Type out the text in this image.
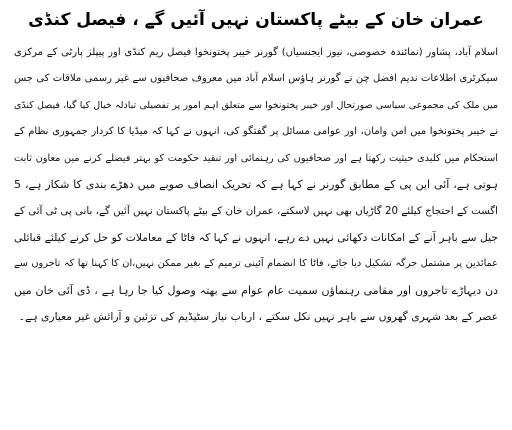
عمران خان کے بیٹے پاکستان نہیں آئیں گے ، فیصل کنڈی
اسلام آباد، پشاور (نمائندہ خصوصی، نیوز ایجنسیاں) گورنر خیبر پختونخوا فیصل ریم کنڈی اور پیپلز پارٹی کے مرکزی
سیکرٹری اطلاعات ندیم افضل چن نے گورنر ہاؤس اسلام آباد میں معروف صحافیوں سے غیر رسمی ملاقات کی جس
میں ملک کی مجموعی سیاسی صورتحال اور خیبر پختونخوا سے متعلق اہم امور پر تفصیلی تبادلہ خیال کیا گیا، فیصل کنڈی
نے خیبر پختونخوا میں امن وامان، اور عوامی مسائل پر گفتگو کی، انہوں نے کہا کہ میڈیا کا کردار جمہوری نظام کے
استحکام میں کلیدی حیثیت رکھتا ہے اور صحافیوں کی رہنمائی اور تنقید حکومت کو بہتر فیصلے کرنے میں معاون ثابت
ہوتی ہے، آئی این پی کے مطابق گورنر نے کہا ہے کہ تحریک انصاف صوبے میں دھڑے بندی کا شکار ہے، 5
اگست کے احتجاج کیلئے 20 گاڑیاں بھی نہیں لاسکتے، عمران خان کے بیٹے پاکستان نہیں آئیں گے، بانی پی ٹی آئی کے
جیل سے باہر آنے کے امکانات دکھائی نہیں دے رہے، انہوں نے کہا کہ فاٹا کے معاملات کو حل کرنے کیلئے قبائلی
عمائدین پر مشتمل جرگہ تشکیل دیا جائے، فاٹا کا انضمام آئینی ترمیم کے بغیر ممکن نہیں،ان کا کہنا تھا کہ تاجروں سے
دن دیہاڑے تاجروں اور مقامی رہنماؤں سمیت عام عوام سے بھتہ وصول کیا جا رہا ہے ، ڈی آئی خان میں
عصر کے بعد شہری گھروں سے باہر نہیں نکل سکتے ، ارباب نیاز سٹیڈیم کی تزئین و آرائش غیر معیاری ہے۔
